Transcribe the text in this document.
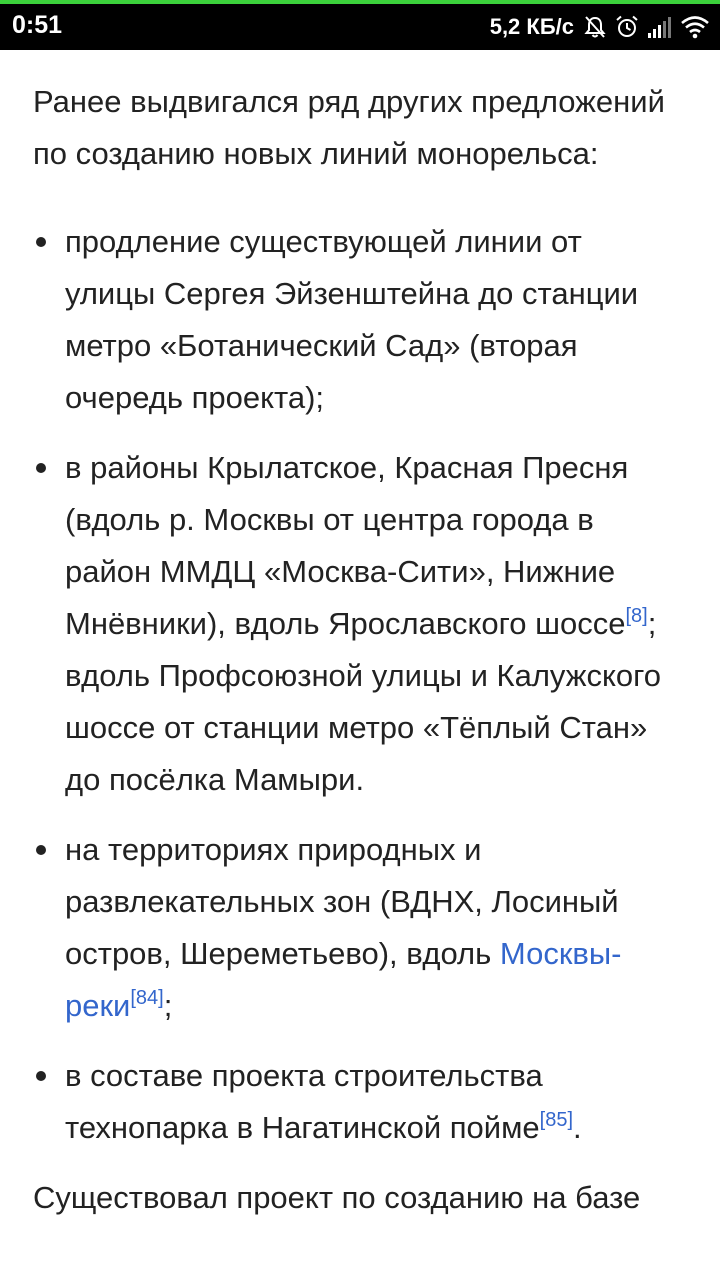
0:51	5,2 КБ/с

Ранее выдвигался ряд других предложений по созданию новых линий монорельса:

продление существующей линии от улицы Сергея Эйзенштейна до станции метро «Ботанический Сад» (вторая очередь проекта);
в районы Крылатское, Красная Пресня (вдоль р. Москвы от центра города в район ММДЦ «Москва-Сити», Нижние Мнёвники), вдоль Ярославского шоссе[8]; вдоль Профсоюзной улицы и Калужского шоссе от станции метро «Тёплый Стан» до посёлка Мамыри.
на территориях природных и развлекательных зон (ВДНХ, Лосиный остров, Шереметьево), вдоль Москвы-реки[84];
в составе проекта строительства технопарка в Нагатинской пойме[85].

Существовал проект по созданию на базе
